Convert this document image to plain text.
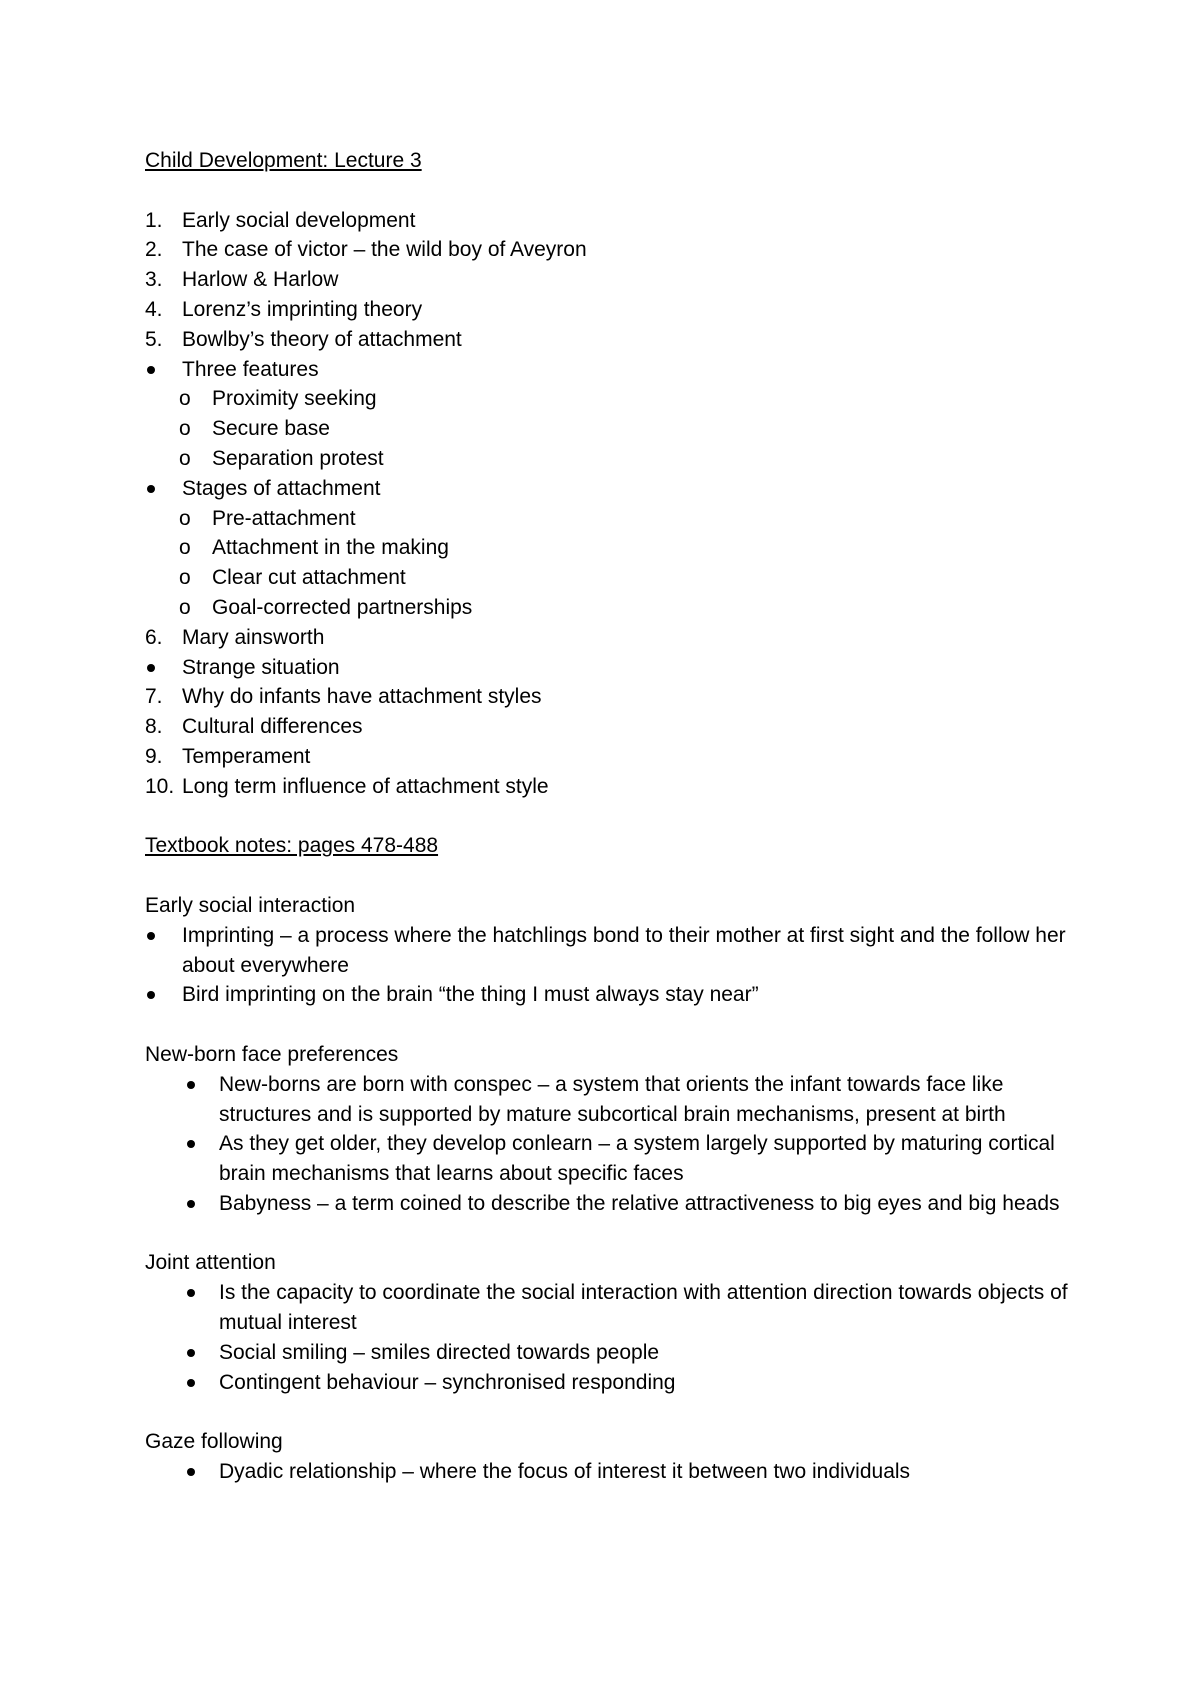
Child Development: Lecture 3
1. Early social development
2. The case of victor – the wild boy of Aveyron
3. Harlow & Harlow
4. Lorenz’s imprinting theory
5. Bowlby’s theory of attachment
Three features
o Proximity seeking
o Secure base
o Separation protest
Stages of attachment
o Pre-attachment
o Attachment in the making
o Clear cut attachment
o Goal-corrected partnerships
6. Mary ainsworth
Strange situation
7. Why do infants have attachment styles
8. Cultural differences
9. Temperament
10. Long term influence of attachment style
Textbook notes: pages 478-488
Early social interaction
Imprinting – a process where the hatchlings bond to their mother at first sight and the follow her about everywhere
Bird imprinting on the brain “the thing I must always stay near”
New-born face preferences
New-borns are born with conspec – a system that orients the infant towards face like structures and is supported by mature subcortical brain mechanisms, present at birth
As they get older, they develop conlearn – a system largely supported by maturing cortical brain mechanisms that learns about specific faces
Babyness – a term coined to describe the relative attractiveness to big eyes and big heads
Joint attention
Is the capacity to coordinate the social interaction with attention direction towards objects of mutual interest
Social smiling – smiles directed towards people
Contingent behaviour – synchronised responding
Gaze following
Dyadic relationship – where the focus of interest it between two individuals
